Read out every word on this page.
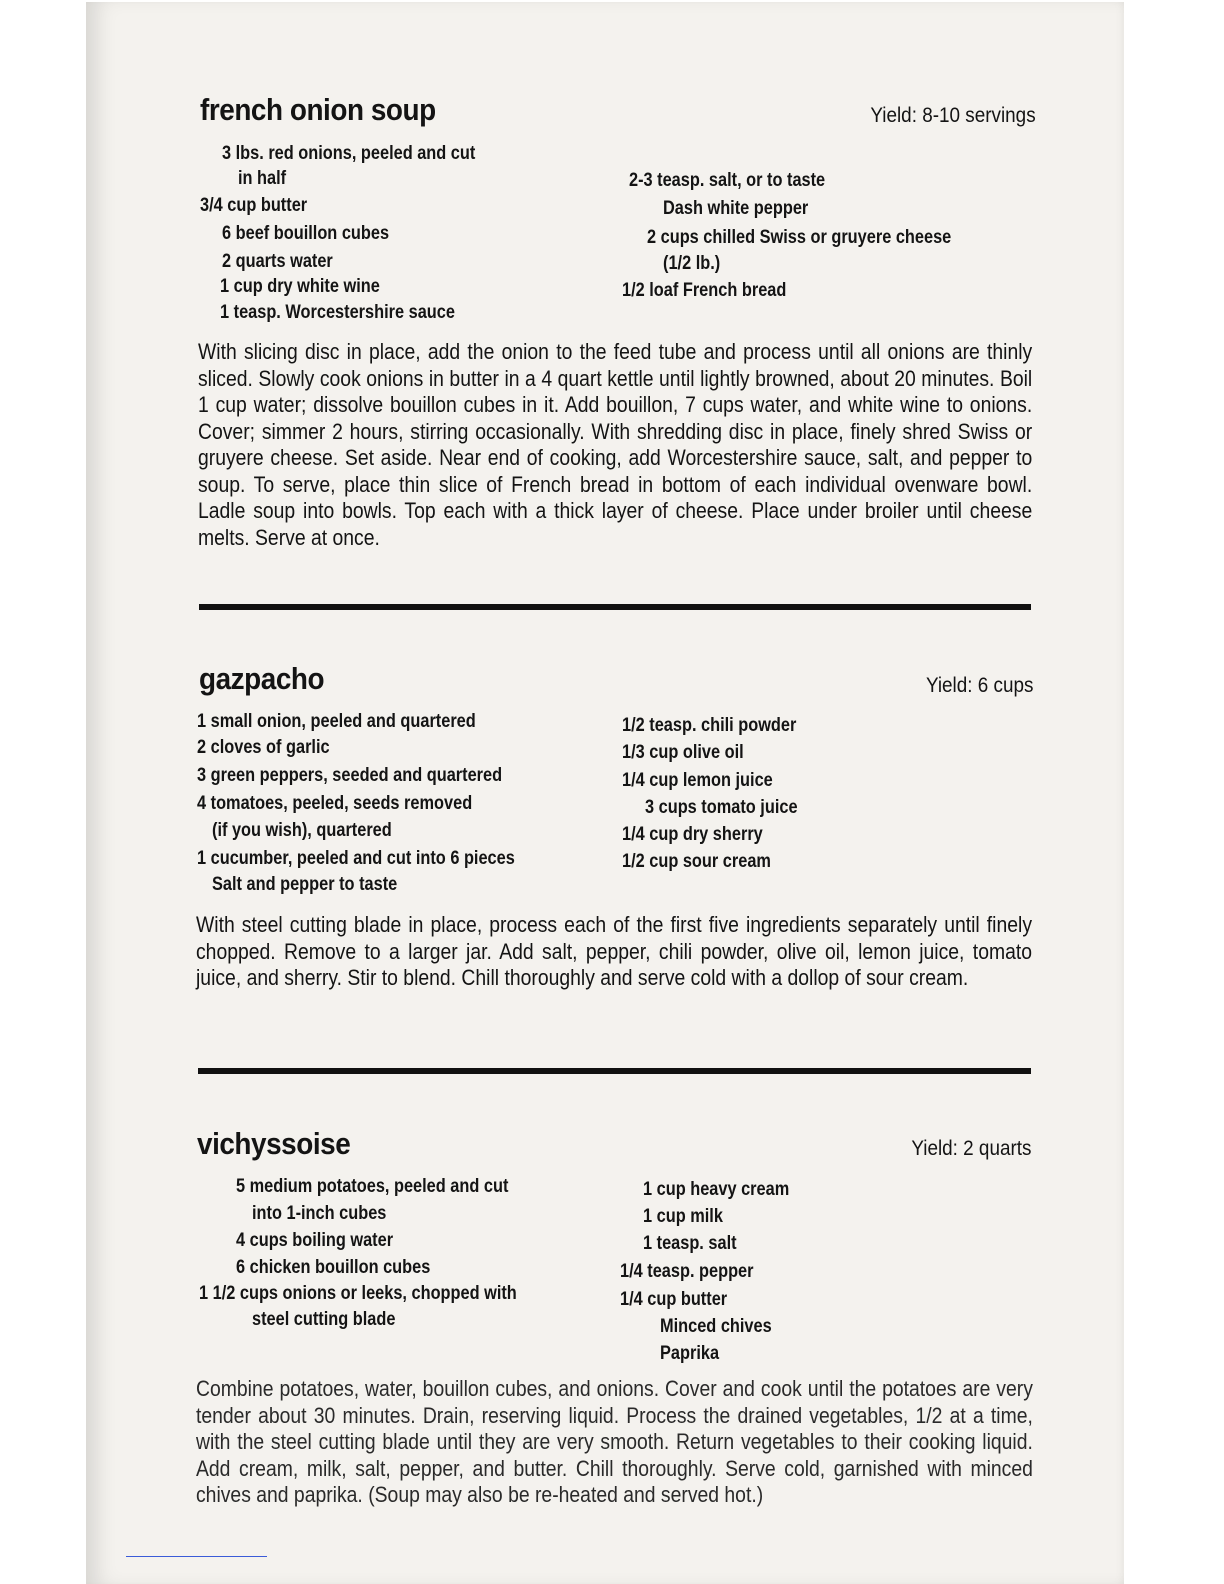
french onion soup	Yield: 8-10 servings
3 lbs. red onions, peeled and cut
in half
3/4 cup butter
6 beef bouillon cubes
2 quarts water
1 cup dry white wine
1 teasp. Worcestershire sauce
2-3 teasp. salt, or to taste
Dash white pepper
2 cups chilled Swiss or gruyere cheese
(1/2 lb.)
1/2 loaf French bread
With slicing disc in place, add the onion to the feed tube and process until all onions are thinly sliced. Slowly cook onions in butter in a 4 quart kettle until lightly browned, about 20 minutes. Boil 1 cup water; dissolve bouillon cubes in it. Add bouillon, 7 cups water, and white wine to onions. Cover; simmer 2 hours, stirring occasionally. With shredding disc in place, finely shred Swiss or gruyere cheese. Set aside. Near end of cooking, add Worcestershire sauce, salt, and pepper to soup. To serve, place thin slice of French bread in bottom of each individual ovenware bowl. Ladle soup into bowls. Top each with a thick layer of cheese. Place under broiler until cheese melts. Serve at once.
gazpacho	Yield: 6 cups
1 small onion, peeled and quartered
2 cloves of garlic
3 green peppers, seeded and quartered
4 tomatoes, peeled, seeds removed
(if you wish), quartered
1 cucumber, peeled and cut into 6 pieces
Salt and pepper to taste
1/2 teasp. chili powder
1/3 cup olive oil
1/4 cup lemon juice
3 cups tomato juice
1/4 cup dry sherry
1/2 cup sour cream
With steel cutting blade in place, process each of the first five ingredients separately until finely chopped. Remove to a larger jar. Add salt, pepper, chili powder, olive oil, lemon juice, tomato juice, and sherry. Stir to blend. Chill thoroughly and serve cold with a dollop of sour cream.
vichyssoise	Yield: 2 quarts
5 medium potatoes, peeled and cut
into 1-inch cubes
4 cups boiling water
6 chicken bouillon cubes
1 1/2 cups onions or leeks, chopped with
steel cutting blade
1 cup heavy cream
1 cup milk
1 teasp. salt
1/4 teasp. pepper
1/4 cup butter
Minced chives
Paprika
Combine potatoes, water, bouillon cubes, and onions. Cover and cook until the potatoes are very tender about 30 minutes. Drain, reserving liquid. Process the drained vegetables, 1/2 at a time, with the steel cutting blade until they are very smooth. Return vegetables to their cooking liquid. Add cream, milk, salt, pepper, and butter. Chill thoroughly. Serve cold, garnished with minced chives and paprika. (Soup may also be re-heated and served hot.)
